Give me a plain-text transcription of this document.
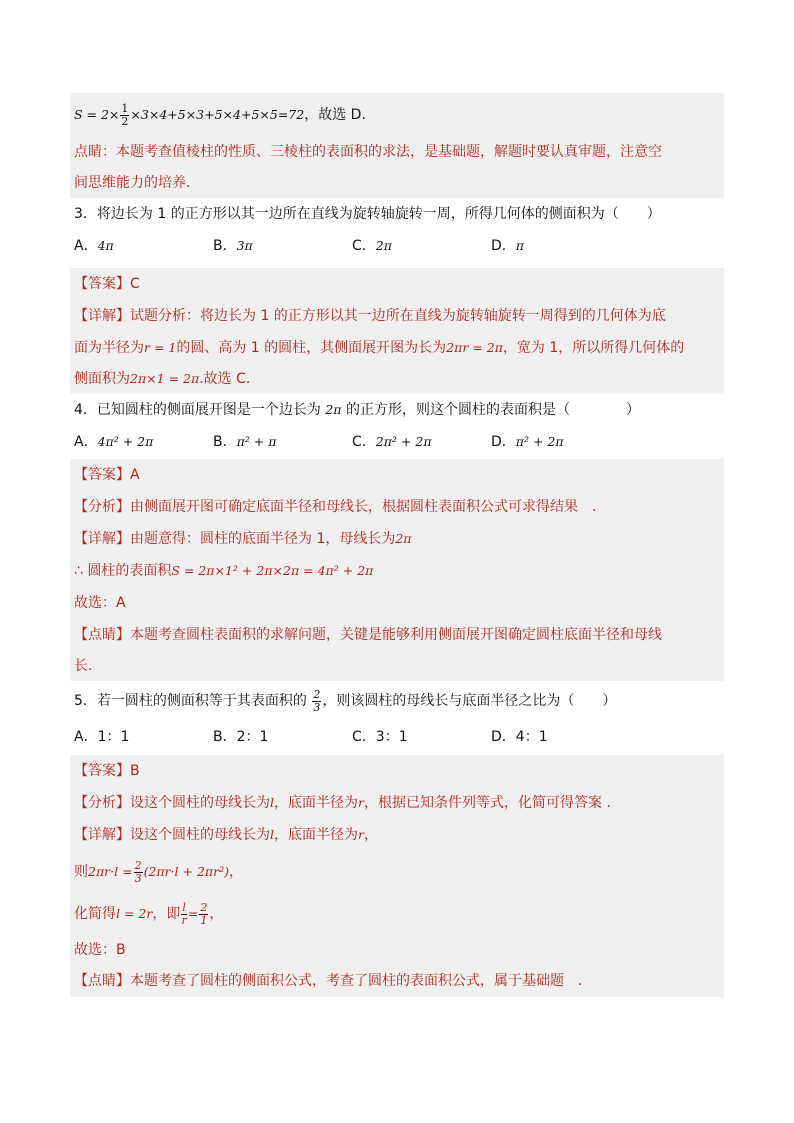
$S = 2\times \frac{1}{2} \times 3\times 4+5\times 3+5\times 4+5\times 5=72$，故选 D.
点睛：本题考查值棱柱的性质、三棱柱的表面积的求法，是基础题，解题时要认真审题，注意空
间思维能力的培养.
3．将边长为 1 的正方形以其一边所在直线为旋转轴旋转一周，所得几何体的侧面积为（　　）
A．4π	B．3π	C．2π	D．π
【答案】C
【详解】试题分析：将边长为 1 的正方形以其一边所在直线为旋转轴旋转一周得到的几何体为底
面为半径为r = 1的圆、高为 1 的圆柱，其侧面展开图为长为2πr = 2π，宽为 1，所以所得几何体的
侧面积为2π×1 = 2π.故选 C.
4．已知圆柱的侧面展开图是一个边长为 2π 的正方形，则这个圆柱的表面积是（　　　　）
A．4π² + 2π	B．π² + π	C．2π² + 2π	D．π² + 2π
【答案】A
【分析】由侧面展开图可确定底面半径和母线长，根据圆柱表面积公式可求得结果　.
【详解】由题意得：圆柱的底面半径为 1，母线长为2π
∴ 圆柱的表面积S = 2π×1² + 2π×2π = 4π² + 2π
故选：A
【点睛】本题考查圆柱表面积的求解问题，关键是能够利用侧面展开图确定圆柱底面半径和母线
长.
5．若一圆柱的侧面积等于其表面积的 $\frac{2}{3}$ ，则该圆柱的母线长与底面半径之比为（　　）
A．1：1	B．2：1	C．3：1	D．4：1
【答案】B
【分析】设这个圆柱的母线长为l，底面半径为r，根据已知条件列等式，化简可得答案 .
【详解】设这个圆柱的母线长为l，底面半径为r，
则$2\pi r\cdot l = \frac{2}{3} (2\pi r\cdot l + 2\pi r^2)$，
化简得l = 2r，即 $\frac{l}{r} = \frac{2}{1}$ ，
故选：B
【点睛】本题考查了圆柱的侧面积公式，考查了圆柱的表面积公式，属于基础题　.
